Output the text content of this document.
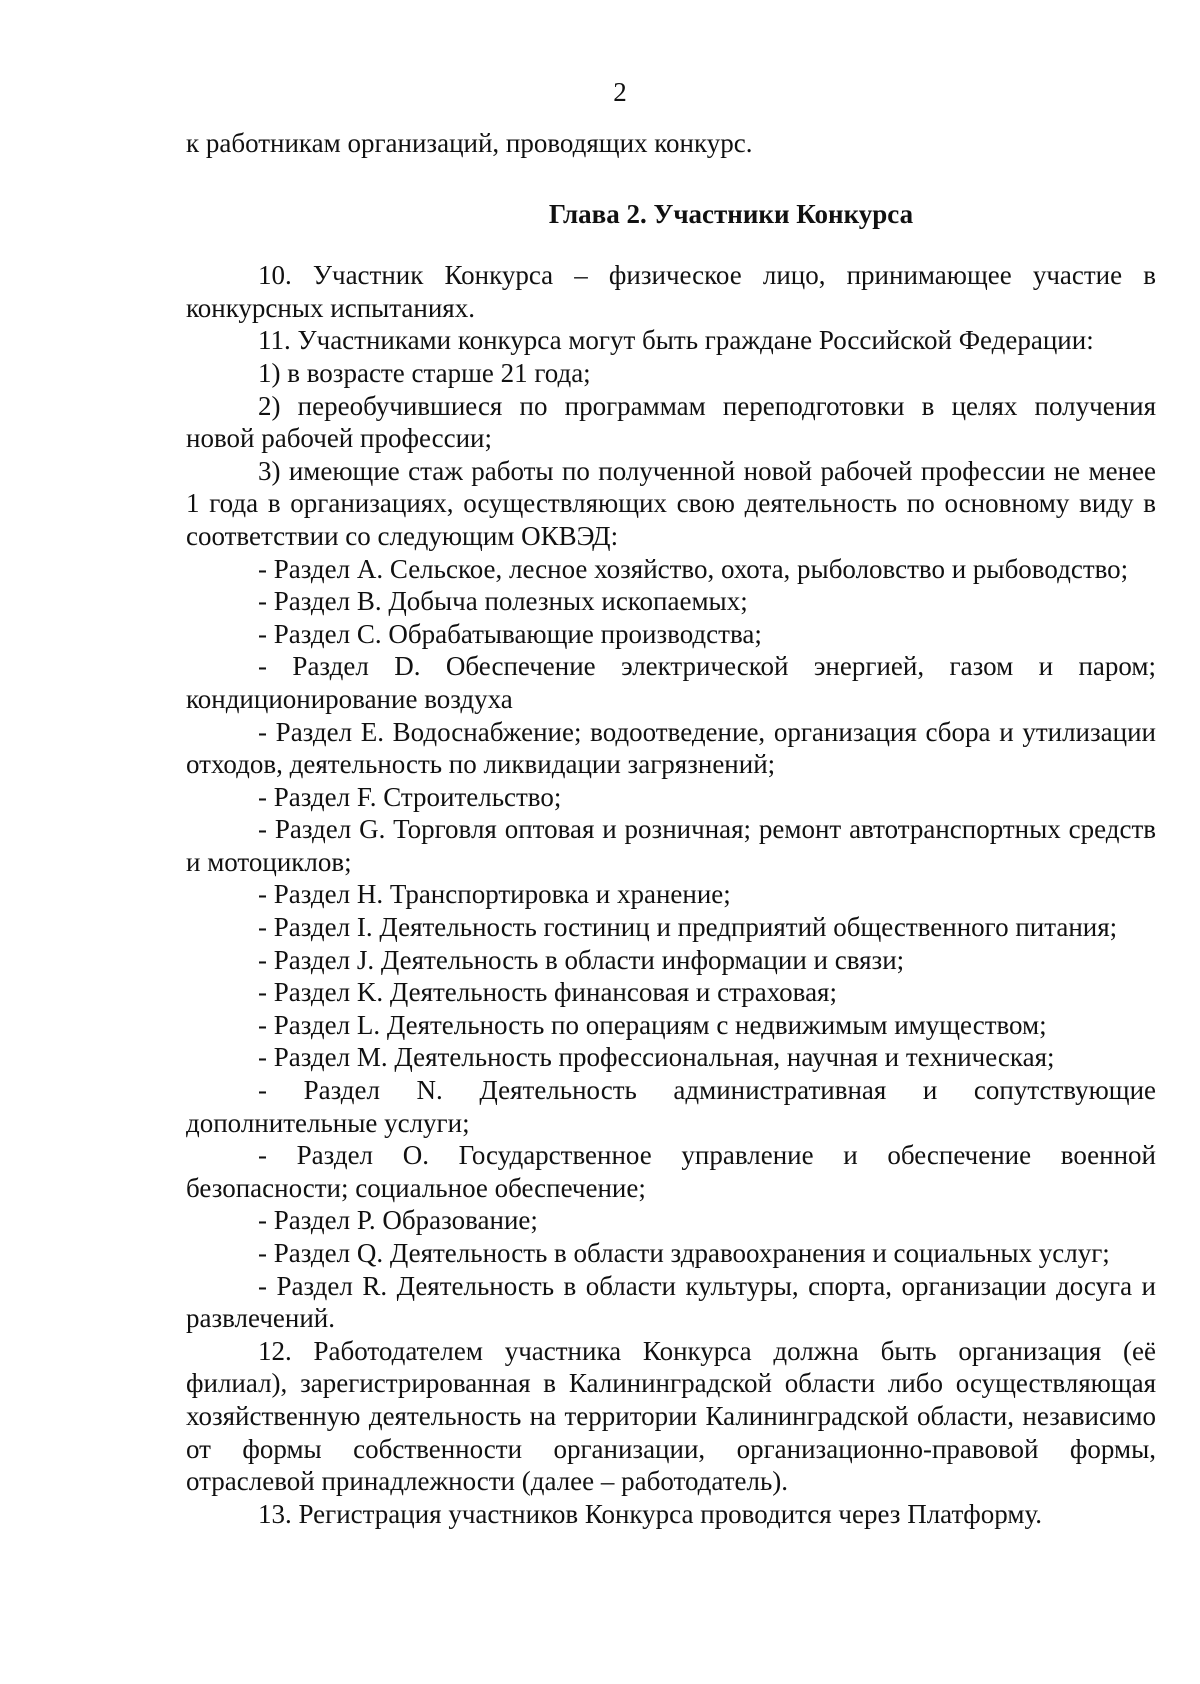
2

к работникам организаций, проводящих конкурс.

Глава 2. Участники Конкурса

10. Участник Конкурса – физическое лицо, принимающее участие в конкурсных испытаниях.

11. Участниками конкурса могут быть граждане Российской Федерации:

1) в возрасте старше 21 года;

2) переобучившиеся по программам переподготовки в целях получения новой рабочей профессии;

3) имеющие стаж работы по полученной новой рабочей профессии не менее 1 года в организациях, осуществляющих свою деятельность по основному виду в соответствии со следующим ОКВЭД:

- Раздел А. Сельское, лесное хозяйство, охота, рыболовство и рыбоводство;

- Раздел B. Добыча полезных ископаемых;

- Раздел C. Обрабатывающие производства;

- Раздел D. Обеспечение электрической энергией, газом и паром; кондиционирование воздуха

- Раздел E. Водоснабжение; водоотведение, организация сбора и утилизации отходов, деятельность по ликвидации загрязнений;

- Раздел F. Строительство;

- Раздел G. Торговля оптовая и розничная; ремонт автотранспортных средств и мотоциклов;

- Раздел H. Транспортировка и хранение;

- Раздел I. Деятельность гостиниц и предприятий общественного питания;

- Раздел J. Деятельность в области информации и связи;

- Раздел K. Деятельность финансовая и страховая;

- Раздел L. Деятельность по операциям с недвижимым имуществом;

- Раздел M. Деятельность профессиональная, научная и техническая;

- Раздел N. Деятельность административная и сопутствующие дополнительные услуги;

- Раздел O. Государственное управление и обеспечение военной безопасности; социальное обеспечение;

- Раздел P. Образование;

- Раздел Q. Деятельность в области здравоохранения и социальных услуг;

- Раздел R. Деятельность в области культуры, спорта, организации досуга и развлечений.

12. Работодателем участника Конкурса должна быть организация (её филиал), зарегистрированная в Калининградской области либо осуществляющая хозяйственную деятельность на территории Калининградской области, независимо от формы собственности организации, организационно-правовой формы, отраслевой принадлежности (далее – работодатель).

13. Регистрация участников Конкурса проводится через Платформу.
